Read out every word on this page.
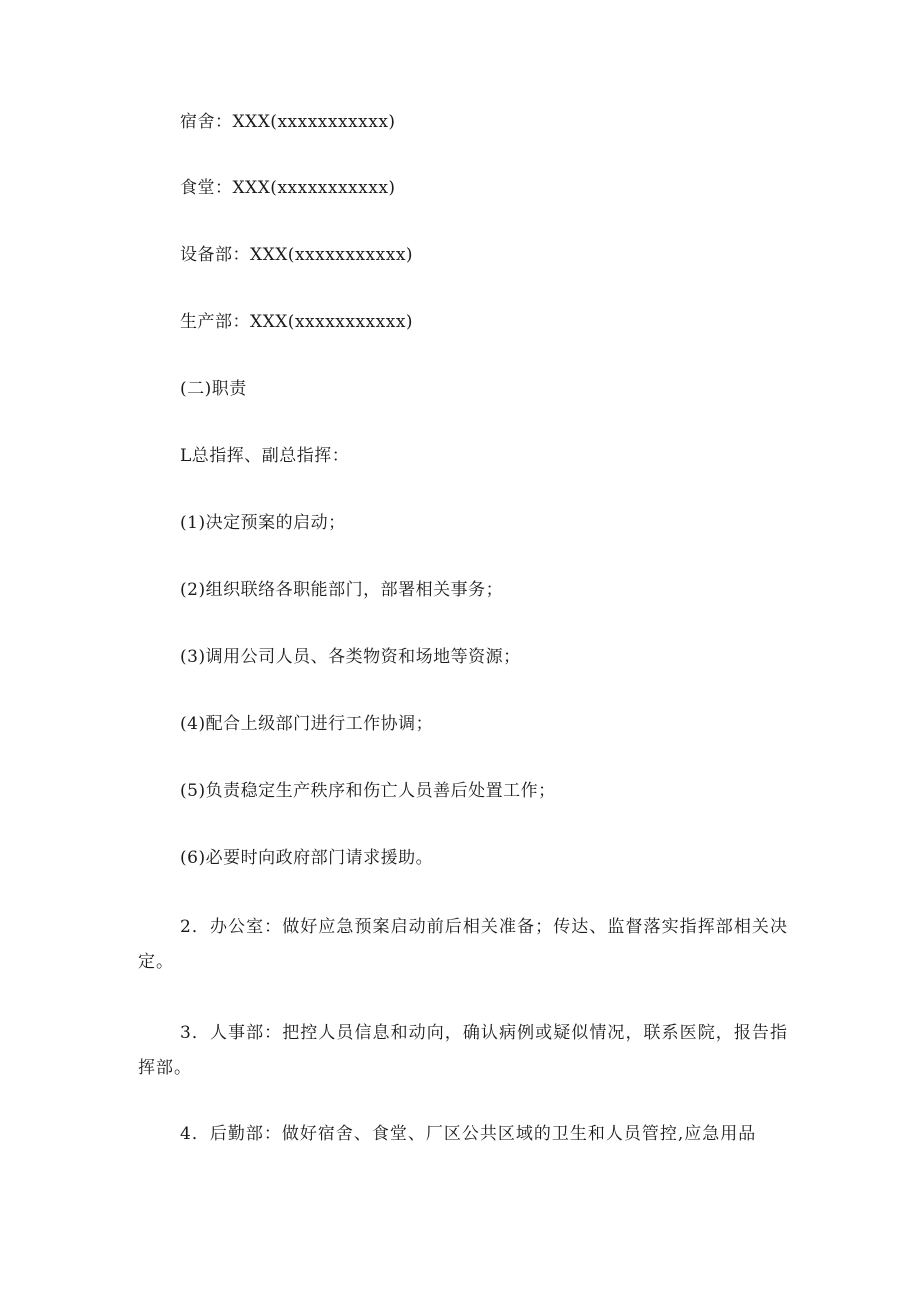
宿舍：XXX(xxxxxxxxxxx)
食堂：XXX(xxxxxxxxxxx)
设备部：XXX(xxxxxxxxxxx)
生产部：XXX(xxxxxxxxxxx)
(二)职责
L总指挥、副总指挥：
(1)决定预案的启动；
(2)组织联络各职能部门，部署相关事务；
(3)调用公司人员、各类物资和场地等资源；
(4)配合上级部门进行工作协调；
(5)负责稳定生产秩序和伤亡人员善后处置工作；
(6)必要时向政府部门请求援助。
2．办公室：做好应急预案启动前后相关准备；传达、监督落实指挥部相关决定。
3．人事部：把控人员信息和动向，确认病例或疑似情况，联系医院，报告指挥部。
4．后勤部：做好宿舍、食堂、厂区公共区域的卫生和人员管控,应急用品
